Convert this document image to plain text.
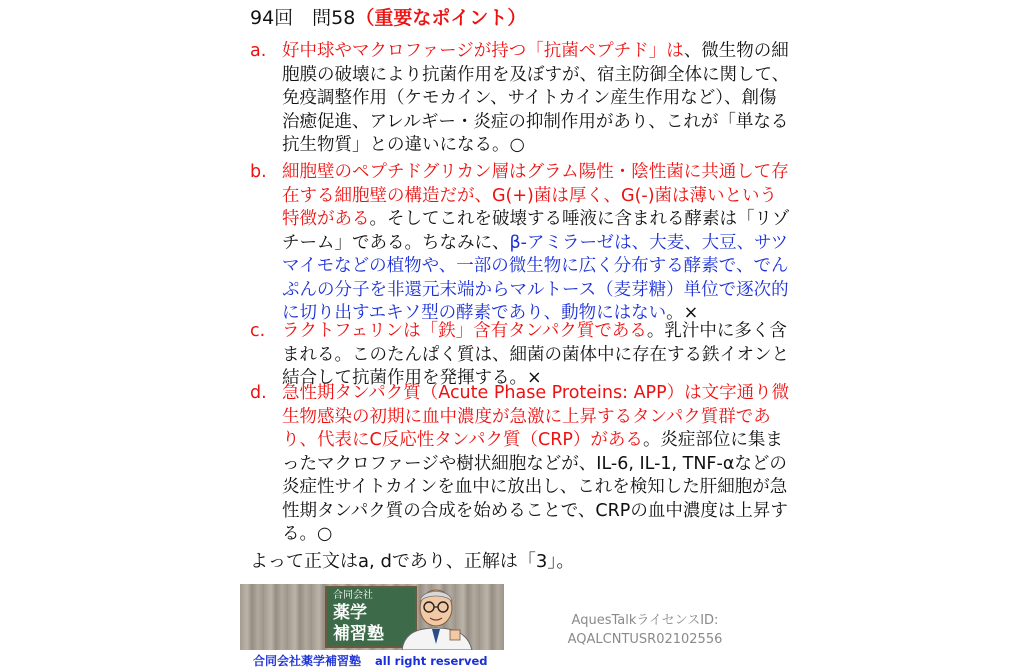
94回　問58（重要なポイント）
a. 好中球やマクロファージが持つ「抗菌ペプチド」は、微生物の細胞膜の破壊により抗菌作用を及ぼすが、宿主防御全体に関して、免疫調整作用（ケモカイン、サイトカイン産生作用など）、創傷治癒促進、アレルギー・炎症の抑制作用があり、これが「単なる抗生物質」との違いになる。○
b. 細胞壁のペプチドグリカン層はグラム陽性・陰性菌に共通して存在する細胞壁の構造だが、G(+)菌は厚く、G(-)菌は薄いという特徴がある。そしてこれを破壊する唾液に含まれる酵素は「リゾチーム」である。ちなみに、β-アミラーゼは、大麦、大豆、サツマイモなどの植物や、一部の微生物に広く分布する酵素で、でんぷんの分子を非還元末端からマルトース（麦芽糖）単位で逐次的に切り出すエキソ型の酵素であり、動物にはない。×
c. ラクトフェリンは「鉄」含有タンパク質である。乳汁中に多く含まれる。このたんぱく質は、細菌の菌体中に存在する鉄イオンと結合して抗菌作用を発揮する。×
d. 急性期タンパク質（Acute Phase Proteins: APP）は文字通り微生物感染の初期に血中濃度が急激に上昇するタンパク質群であり、代表にC反応性タンパク質（CRP）がある。炎症部位に集まったマクロファージや樹状細胞などが、IL-6, IL-1, TNF-αなどの炎症性サイトカインを血中に放出し、これを検知した肝細胞が急性期タンパク質の合成を始めることで、CRPの血中濃度は上昇する。○
よって正文はa, dであり、正解は「3」。
合同会社
薬学
補習塾
合同会社薬学補習塾 all right reserved
AquesTalkライセンスID:
AQALCNTUSR02102556
